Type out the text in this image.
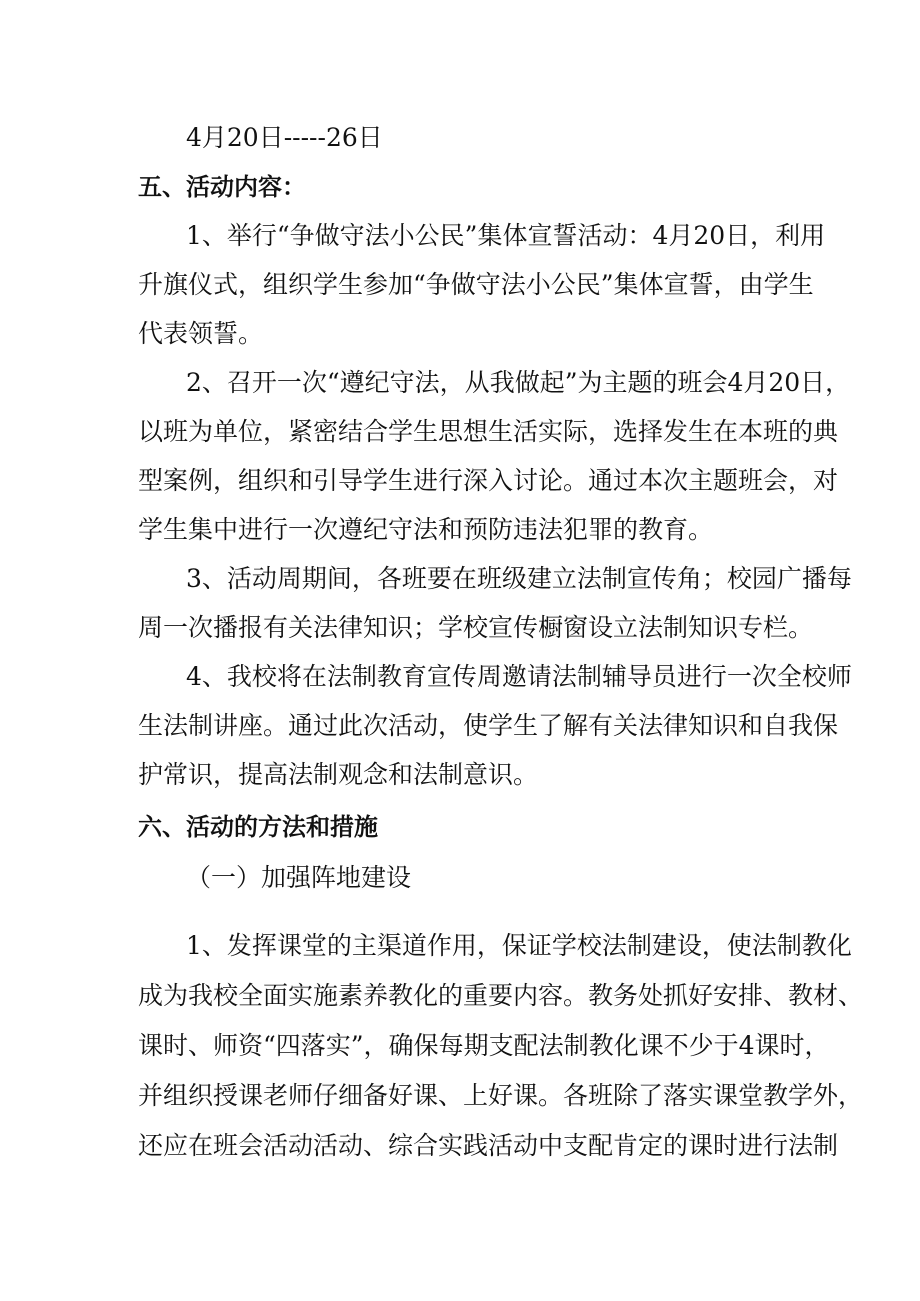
4月20日-----26日
五、活动内容：
1、举行“争做守法小公民”集体宣誓活动：4月20日，利用
升旗仪式，组织学生参加“争做守法小公民”集体宣誓，由学生
代表领誓。
2、召开一次“遵纪守法，从我做起”为主题的班会4月20日，
以班为单位，紧密结合学生思想生活实际，选择发生在本班的典
型案例，组织和引导学生进行深入讨论。通过本次主题班会，对
学生集中进行一次遵纪守法和预防违法犯罪的教育。
3、活动周期间，各班要在班级建立法制宣传角；校园广播每
周一次播报有关法律知识；学校宣传橱窗设立法制知识专栏。
4、我校将在法制教育宣传周邀请法制辅导员进行一次全校师
生法制讲座。通过此次活动，使学生了解有关法律知识和自我保
护常识，提高法制观念和法制意识。
六、活动的方法和措施
（一）加强阵地建设
1、发挥课堂的主渠道作用，保证学校法制建设，使法制教化
成为我校全面实施素养教化的重要内容。教务处抓好安排、教材、
课时、师资“四落实”，确保每期支配法制教化课不少于4课时，
并组织授课老师仔细备好课、上好课。各班除了落实课堂教学外，
还应在班会活动活动、综合实践活动中支配肯定的课时进行法制
